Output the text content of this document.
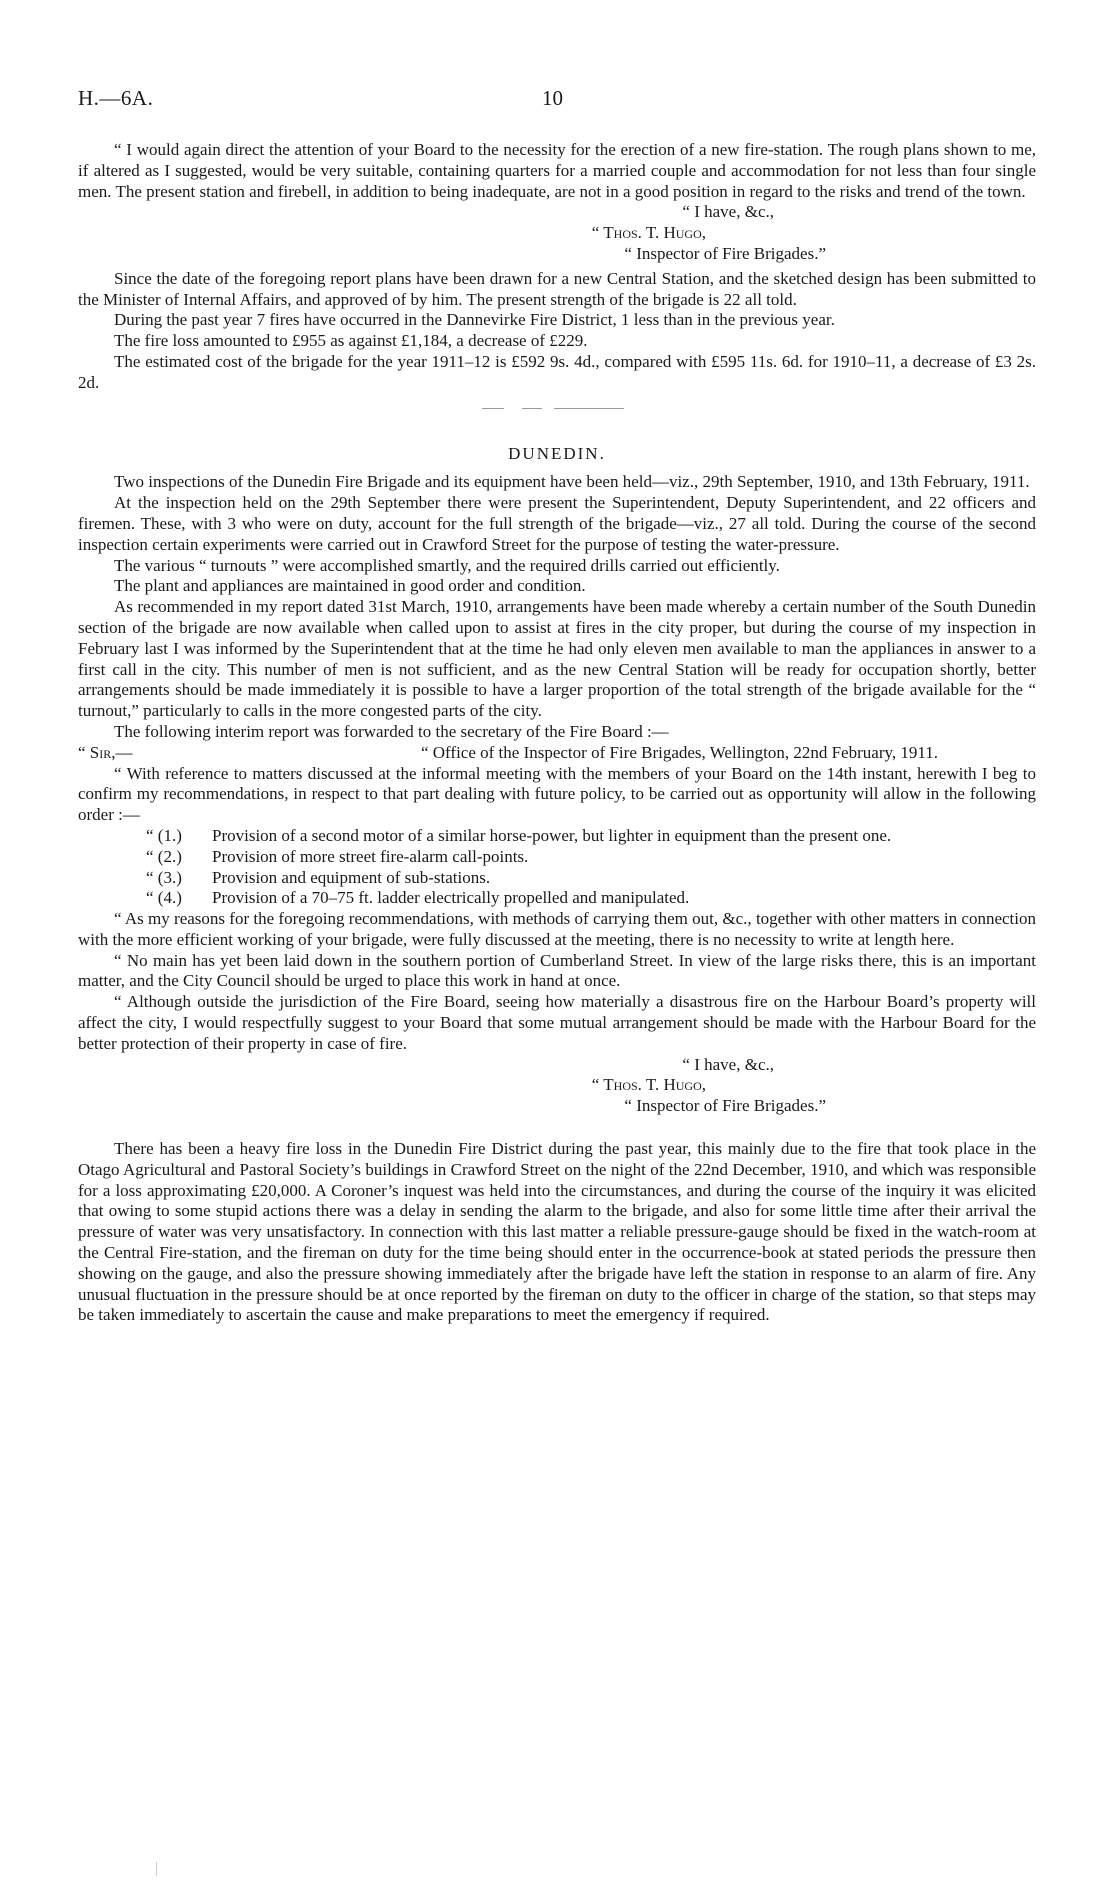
H.—6A.	10

“ I would again direct the attention of your Board to the necessity for the erection of a new fire-station. The rough plans shown to me, if altered as I suggested, would be very suitable, containing quarters for a married couple and accommodation for not less than four single men. The present station and firebell, in addition to being inadequate, are not in a good position in regard to the risks and trend of the town.

“ I have, &c.,

“ Thos. T. Hugo,

“ Inspector of Fire Brigades.”

Since the date of the foregoing report plans have been drawn for a new Central Station, and the sketched design has been submitted to the Minister of Internal Affairs, and approved of by him. The present strength of the brigade is 22 all told.

During the past year 7 fires have occurred in the Dannevirke Fire District, 1 less than in the previous year.

The fire loss amounted to £955 as against £1,184, a decrease of £229.

The estimated cost of the brigade for the year 1911–12 is £592 9s. 4d., compared with £595 11s. 6d. for 1910–11, a decrease of £3 2s. 2d.

DUNEDIN.

Two inspections of the Dunedin Fire Brigade and its equipment have been held—viz., 29th September, 1910, and 13th February, 1911.

At the inspection held on the 29th September there were present the Superintendent, Deputy Superintendent, and 22 officers and firemen. These, with 3 who were on duty, account for the full strength of the brigade—viz., 27 all told. During the course of the second inspection certain experiments were carried out in Crawford Street for the purpose of testing the water-pressure.

The various “ turnouts ” were accomplished smartly, and the required drills carried out efficiently.

The plant and appliances are maintained in good order and condition.

As recommended in my report dated 31st March, 1910, arrangements have been made whereby a certain number of the South Dunedin section of the brigade are now available when called upon to assist at fires in the city proper, but during the course of my inspection in February last I was informed by the Superintendent that at the time he had only eleven men available to man the appliances in answer to a first call in the city. This number of men is not sufficient, and as the new Central Station will be ready for occupation shortly, better arrangements should be made immediately it is possible to have a larger proportion of the total strength of the brigade available for the “ turnout,” particularly to calls in the more congested parts of the city.

The following interim report was forwarded to the secretary of the Fire Board :—

“ Sir,—	“ Office of the Inspector of Fire Brigades, Wellington, 22nd February, 1911.

“ With reference to matters discussed at the informal meeting with the members of your Board on the 14th instant, herewith I beg to confirm my recommendations, in respect to that part dealing with future policy, to be carried out as opportunity will allow in the following order :—

“ (1.)	Provision of a second motor of a similar horse-power, but lighter in equipment than the present one.
“ (2.)	Provision of more street fire-alarm call-points.
“ (3.)	Provision and equipment of sub-stations.
“ (4.)	Provision of a 70–75 ft. ladder electrically propelled and manipulated.

“ As my reasons for the foregoing recommendations, with methods of carrying them out, &c., together with other matters in connection with the more efficient working of your brigade, were fully discussed at the meeting, there is no necessity to write at length here.

“ No main has yet been laid down in the southern portion of Cumberland Street. In view of the large risks there, this is an important matter, and the City Council should be urged to place this work in hand at once.

“ Although outside the jurisdiction of the Fire Board, seeing how materially a disastrous fire on the Harbour Board’s property will affect the city, I would respectfully suggest to your Board that some mutual arrangement should be made with the Harbour Board for the better protection of their property in case of fire.

“ I have, &c.,

“ Thos. T. Hugo,

“ Inspector of Fire Brigades.”

There has been a heavy fire loss in the Dunedin Fire District during the past year, this mainly due to the fire that took place in the Otago Agricultural and Pastoral Society’s buildings in Crawford Street on the night of the 22nd December, 1910, and which was responsible for a loss approximating £20,000. A Coroner’s inquest was held into the circumstances, and during the course of the inquiry it was elicited that owing to some stupid actions there was a delay in sending the alarm to the brigade, and also for some little time after their arrival the pressure of water was very unsatisfactory. In connection with this last matter a reliable pressure-gauge should be fixed in the watch-room at the Central Fire-station, and the fireman on duty for the time being should enter in the occurrence-book at stated periods the pressure then showing on the gauge, and also the pressure showing immediately after the brigade have left the station in response to an alarm of fire. Any unusual fluctuation in the pressure should be at once reported by the fireman on duty to the officer in charge of the station, so that steps may be taken immediately to ascertain the cause and make preparations to meet the emergency if required.
